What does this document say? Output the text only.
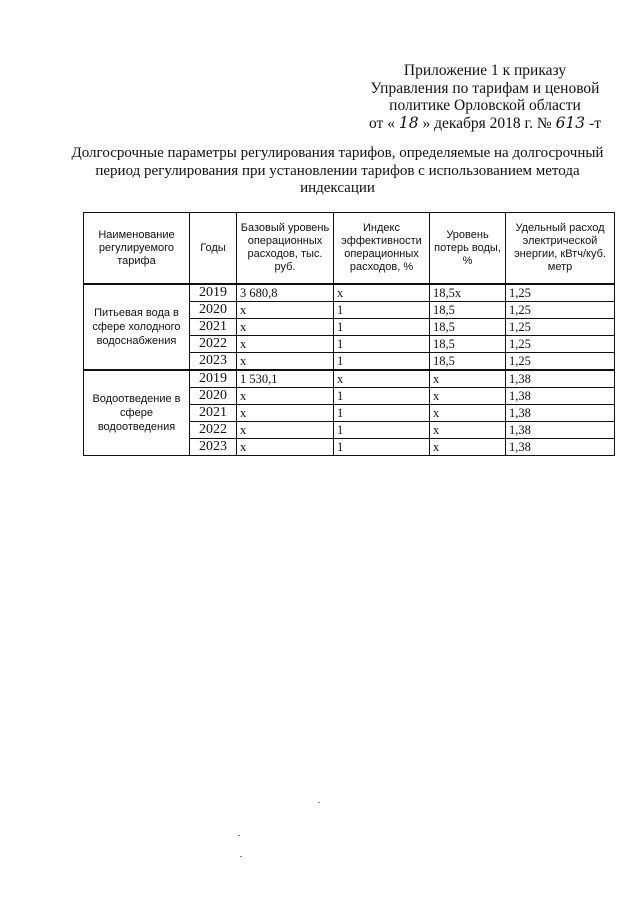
Приложение 1 к приказу
Управления по тарифам и ценовой
политике Орловской области
от « 18 » декабря 2018 г. № 613 -т
Долгосрочные параметры регулирования тарифов, определяемые на долгосрочный
период регулирования при установлении тарифов с использованием метода
индексации
Наименование регулируемого тарифа	Годы	Базовый уровень операционных расходов, тыс. руб.	Индекс эффективности операционных расходов, %	Уровень потерь воды, %	Удельный расход электрической энергии, кВтч/куб. метр
Питьевая вода в сфере холодного водоснабжения	2019	3 680,8	х	18,5х	1,25
	2020	х	1	18,5	1,25
	2021	х	1	18,5	1,25
	2022	х	1	18,5	1,25
	2023	х	1	18,5	1,25
Водоотведение в сфере водоотведения	2019	1 530,1	х	х	1,38
	2020	х	1	х	1,38
	2021	х	1	х	1,38
	2022	х	1	х	1,38
	2023	х	1	х	1,38
